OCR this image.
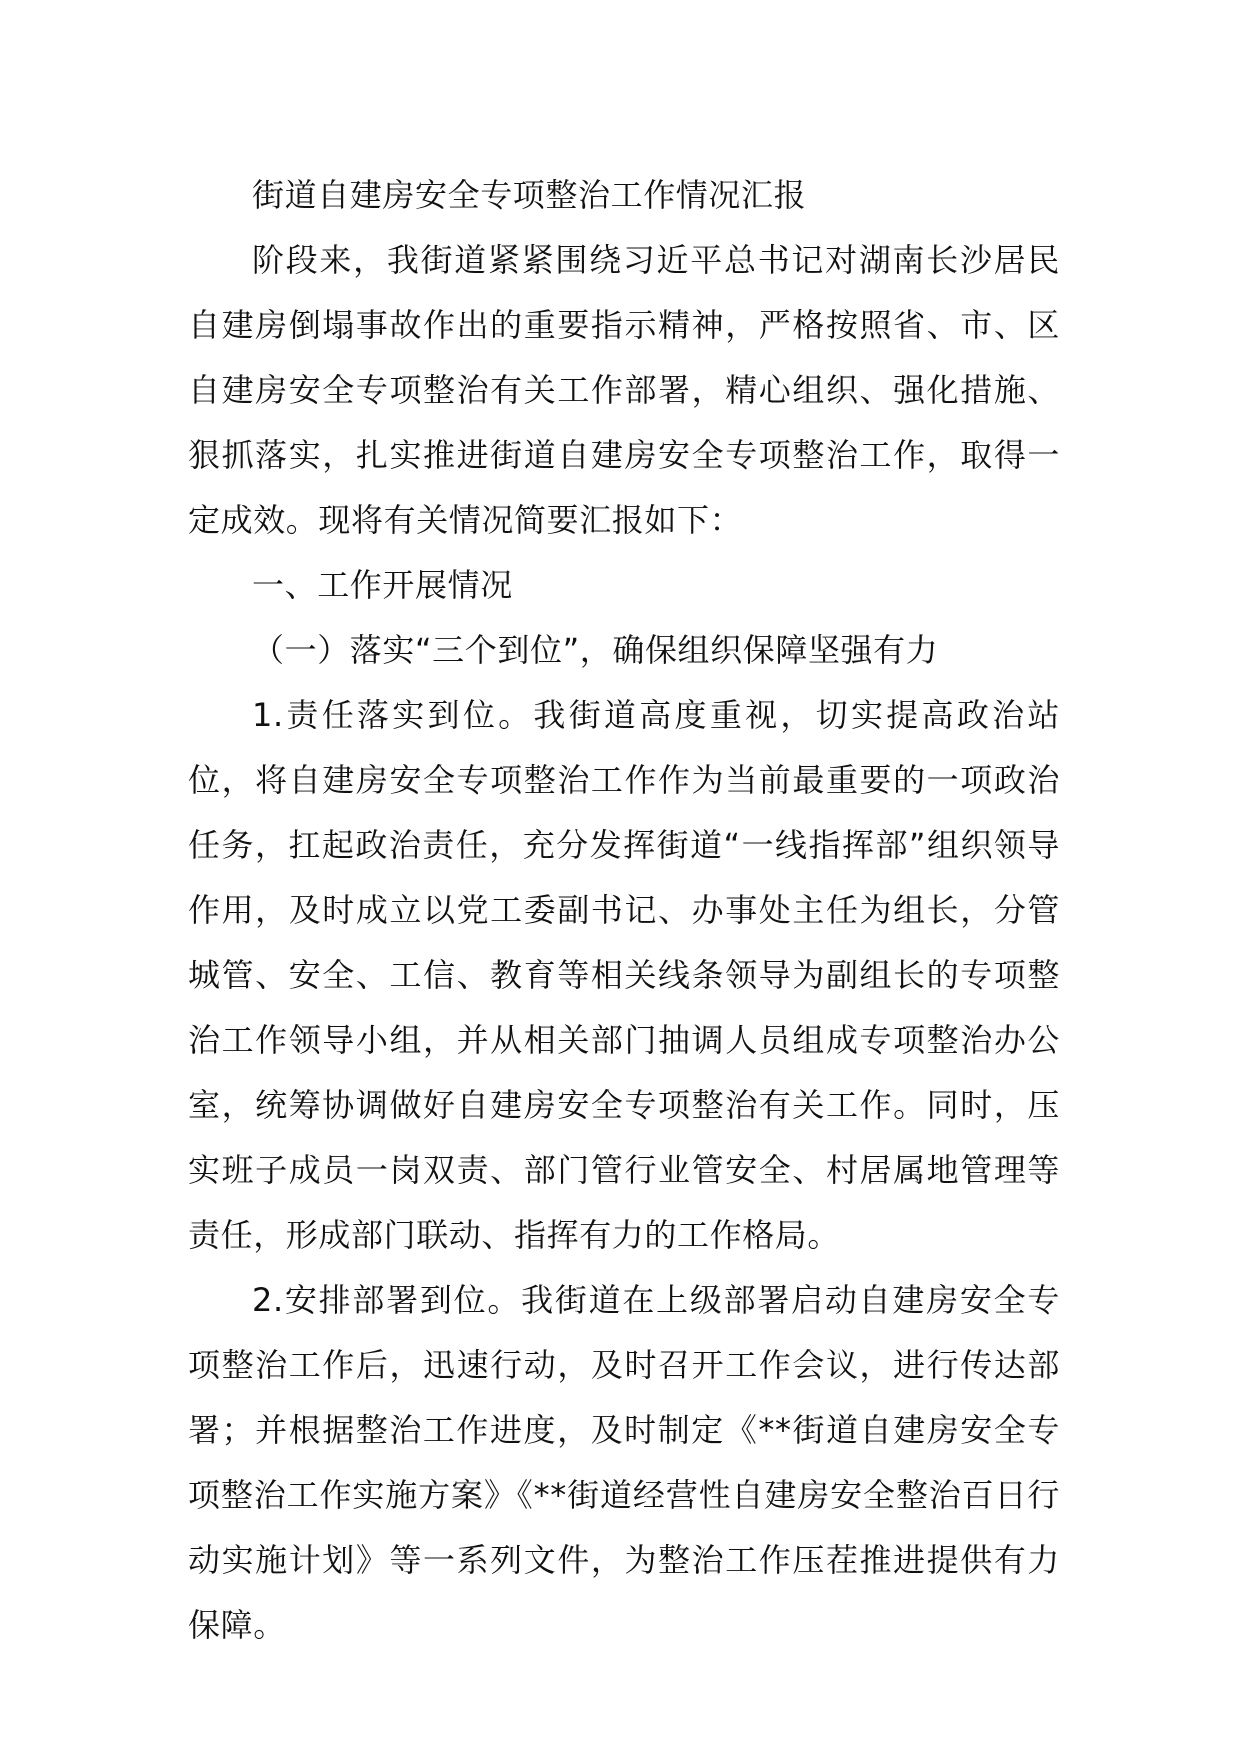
街道自建房安全专项整治工作情况汇报

阶段来，我街道紧紧围绕习近平总书记对湖南长沙居民自建房倒塌事故作出的重要指示精神，严格按照省、市、区自建房安全专项整治有关工作部署，精心组织、强化措施、狠抓落实，扎实推进街道自建房安全专项整治工作，取得一定成效。现将有关情况简要汇报如下：

一、工作开展情况

（一）落实“三个到位”，确保组织保障坚强有力

1.责任落实到位。我街道高度重视，切实提高政治站位，将自建房安全专项整治工作作为当前最重要的一项政治任务，扛起政治责任，充分发挥街道“一线指挥部”组织领导作用，及时成立以党工委副书记、办事处主任为组长，分管城管、安全、工信、教育等相关线条领导为副组长的专项整治工作领导小组，并从相关部门抽调人员组成专项整治办公室，统筹协调做好自建房安全专项整治有关工作。同时，压实班子成员一岗双责、部门管行业管安全、村居属地管理等责任，形成部门联动、指挥有力的工作格局。

2.安排部署到位。我街道在上级部署启动自建房安全专项整治工作后，迅速行动，及时召开工作会议，进行传达部署；并根据整治工作进度，及时制定《**街道自建房安全专项整治工作实施方案》《**街道经营性自建房安全整治百日行动实施计划》等一系列文件，为整治工作压茬推进提供有力保障。
